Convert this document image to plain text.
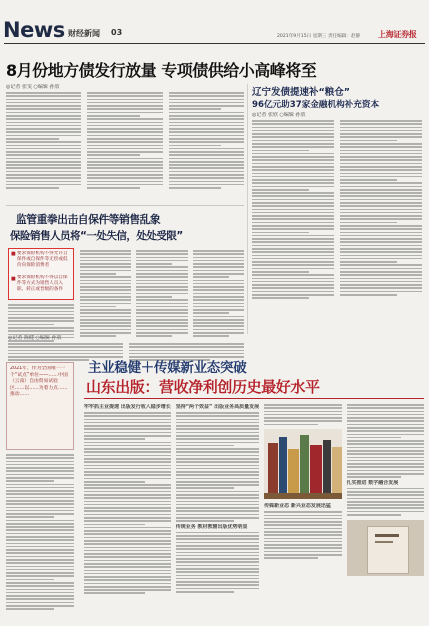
News 财经新闻 03	2021年9月15日 星期三 责任编辑：赵静 上海证券报
8月份地方债发行放量 专项债供给小高峰将至
◎记者 张雯 ○编辑 孙放	辽宁发债提速补“粮仓”
96亿元助37家金融机构补充资本
◎记者 张欣 ○编辑 孙放
监管重拳出击自保件等销售乱象
保险销售人员将“一处失信，处处受限”
■ 要求保险机构不得允许自保件或自保件等无偿或低价向保险消费者
■ 要求保险机构不得以自保件等方式为销售人员入职、转正或晋级的条件
◎记者 陈健 ○编辑 孙放
2021年，作为全国唯一一个“试点”单位——……中国（云南）自由贸易试验区……以……为着力点……推动……
主业稳健＋传媒新业态突破
山东出版：营收净利创历史最好水平
牢牢抓主业提速 出版发行收入稳步增长 坚持“两个效益” 出版业务高质量发展
传统业务 教材教辅出版优势明显
传媒新业态 新兴业态发展迅猛
扎实推进 数字融合发展
